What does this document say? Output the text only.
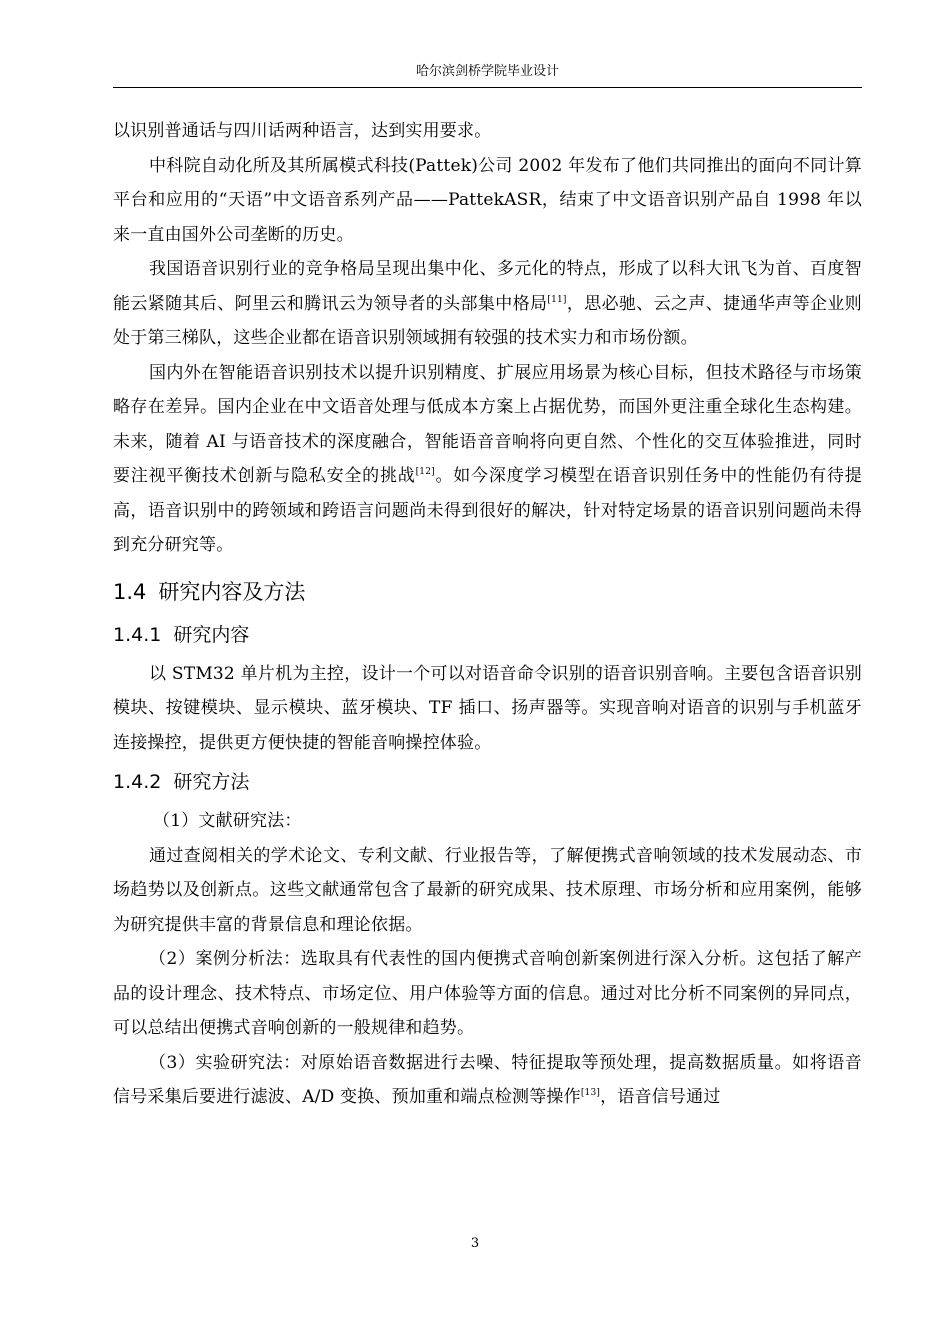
哈尔滨剑桥学院毕业设计

以识别普通话与四川话两种语言，达到实用要求。

中科院自动化所及其所属模式科技(Pattek)公司 2002 年发布了他们共同推出的面向不同计算平台和应用的“天语”中文语音系列产品——PattekASR，结束了中文语音识别产品自 1998 年以来一直由国外公司垄断的历史。

我国语音识别行业的竞争格局呈现出集中化、多元化的特点，形成了以科大讯飞为首、百度智能云紧随其后、阿里云和腾讯云为领导者的头部集中格局[11]，思必驰、云之声、捷通华声等企业则处于第三梯队，这些企业都在语音识别领域拥有较强的技术实力和市场份额。

国内外在智能语音识别技术以提升识别精度、扩展应用场景为核心目标，但技术路径与市场策略存在差异。国内企业在中文语音处理与低成本方案上占据优势，而国外更注重全球化生态构建。未来，随着 AI 与语音技术的深度融合，智能语音音响将向更自然、个性化的交互体验推进，同时要注视平衡技术创新与隐私安全的挑战[12]。如今深度学习模型在语音识别任务中的性能仍有待提高，语音识别中的跨领域和跨语言问题尚未得到很好的解决，针对特定场景的语音识别问题尚未得到充分研究等。

1.4 研究内容及方法
1.4.1 研究内容

以 STM32 单片机为主控，设计一个可以对语音命令识别的语音识别音响。主要包含语音识别模块、按键模块、显示模块、蓝牙模块、TF 插口、扬声器等。实现音响对语音的识别与手机蓝牙连接操控，提供更方便快捷的智能音响操控体验。

1.4.2 研究方法

（1）文献研究法：

通过查阅相关的学术论文、专利文献、行业报告等，了解便携式音响领域的技术发展动态、市场趋势以及创新点。这些文献通常包含了最新的研究成果、技术原理、市场分析和应用案例，能够为研究提供丰富的背景信息和理论依据。

（2）案例分析法：选取具有代表性的国内便携式音响创新案例进行深入分析。这包括了解产品的设计理念、技术特点、市场定位、用户体验等方面的信息。通过对比分析不同案例的异同点，可以总结出便携式音响创新的一般规律和趋势。

（3）实验研究法：对原始语音数据进行去噪、特征提取等预处理，提高数据质量。如将语音信号采集后要进行滤波、A/D 变换、预加重和端点检测等操作[13]，语音信号通过

3
